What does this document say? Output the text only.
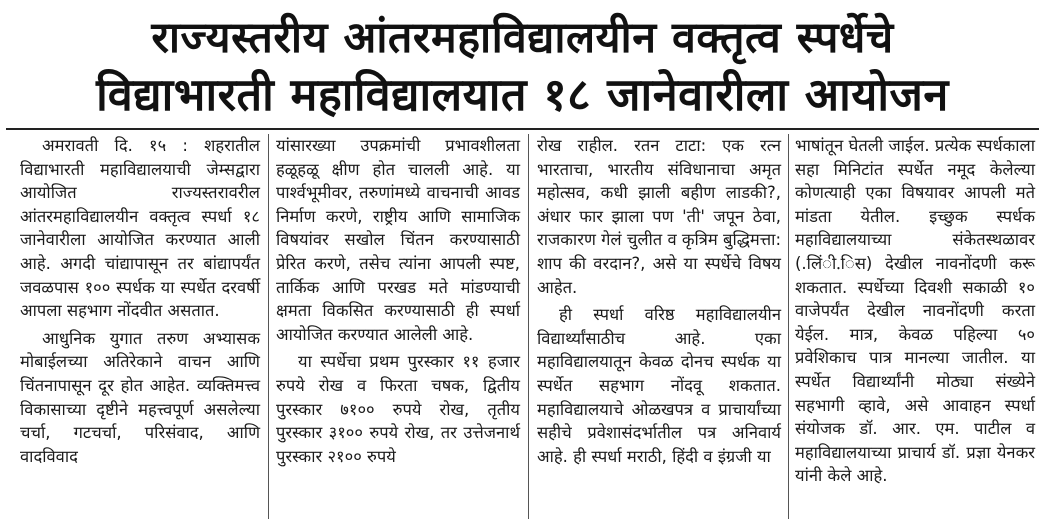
राज्यस्तरीय आंतरमहाविद्यालयीन वक्तृत्व स्पर्धेचे
विद्याभारती महाविद्यालयात १८ जानेवारीला आयोजन

अमरावती दि. १५ : शहरातील विद्याभारती महाविद्यालयाची जेम्सद्वारा आयोजित राज्यस्तरावरील आंतरमहाविद्यालयीन वक्तृत्व स्पर्धा १८ जानेवारीला आयोजित करण्यात आली आहे. अगदी चांद्यापासून तर बांद्यापर्यंत जवळपास १०० स्पर्धक या स्पर्धेत दरवर्षी आपला सहभाग नोंदवीत असतात.

आधुनिक युगात तरुण अभ्यासक मोबाईलच्या अतिरेकाने वाचन आणि चिंतनापासून दूर होत आहेत. व्यक्तिमत्त्व विकासाच्या दृष्टीने महत्त्वपूर्ण असलेल्या चर्चा, गटचर्चा, परिसंवाद, आणि वादविवाद

यांसारख्या उपक्रमांची प्रभावशीलता हळूहळू क्षीण होत चालली आहे. या पार्श्वभूमीवर, तरुणांमध्ये वाचनाची आवड निर्माण करणे, राष्ट्रीय आणि सामाजिक विषयांवर सखोल चिंतन करण्यासाठी प्रेरित करणे, तसेच त्यांना आपली स्पष्ट, तार्किक आणि परखड मते मांडण्याची क्षमता विकसित करण्यासाठी ही स्पर्धा आयोजित करण्यात आलेली आहे.

या स्पर्धेचा प्रथम पुरस्कार ११ हजार रुपये रोख व फिरता चषक, द्वितीय पुरस्कार ७१०० रुपये रोख, तृतीय पुरस्कार ३१०० रुपये रोख, तर उत्तेजनार्थ पुरस्कार २१०० रुपये

रोख राहील. रतन टाटा: एक रत्न भारताचा, भारतीय संविधानाचा अमृत महोत्सव, कधी झाली बहीण लाडकी?, अंधार फार झाला पण 'ती' जपून ठेवा, राजकारण गेलं चुलीत व कृत्रिम बुद्धिमत्ता: शाप की वरदान?, असे या स्पर्धेचे विषय आहेत.

ही स्पर्धा वरिष्ठ महाविद्यालयीन विद्यार्थ्यांसाठीच आहे. एका महाविद्यालयातून केवळ दोनच स्पर्धक या स्पर्धेत सहभाग नोंदवू शकतात. महाविद्यालयाचे ओळखपत्र व प्राचार्यांच्या सहीचे प्रवेशासंदर्भातील पत्र अनिवार्य आहे. ही स्पर्धा मराठी, हिंदी व इंग्रजी या

भाषांतून घेतली जाईल. प्रत्येक स्पर्धकाला सहा मिनिटांत स्पर्धेत नमूद केलेल्या कोणत्याही एका विषयावर आपली मते मांडता येतील. इच्छुक स्पर्धक महाविद्यालयाच्या संकेतस्थळावर (.लिंी.िस) देखील नावनोंदणी करू शकतात. स्पर्धेच्या दिवशी सकाळी १० वाजेपर्यंत देखील नावनोंदणी करता येईल. मात्र, केवळ पहिल्या ५० प्रवेशिकाच पात्र मानल्या जातील. या स्पर्धेत विद्यार्थ्यांनी मोठ्या संख्येने सहभागी व्हावे, असे आवाहन स्पर्धा संयोजक डॉ. आर. एम. पाटील व महाविद्यालयाच्या प्राचार्य डॉ. प्रज्ञा येनकर यांनी केले आहे.
